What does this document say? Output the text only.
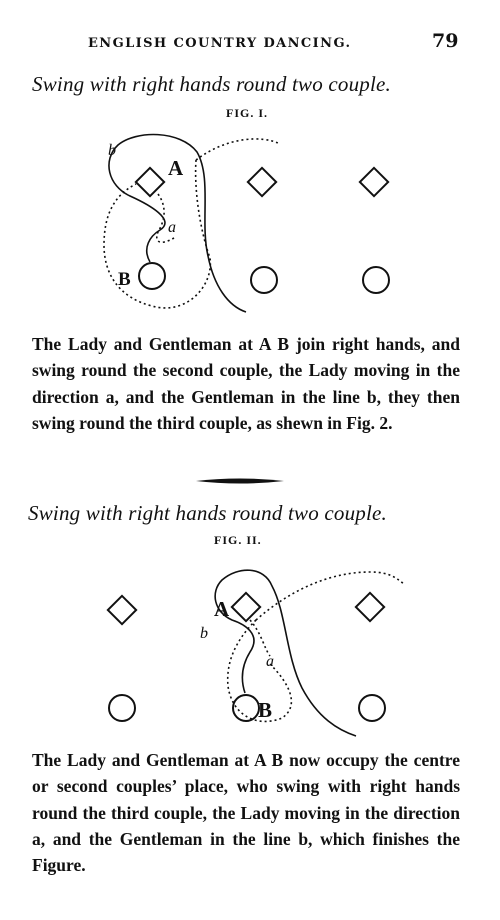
ENGLISH COUNTRY DANCING.	79
Swing with right hands round two couple.
FIG. I.
b
A
a
B
A
b
a
B
The Lady and Gentleman at A B join right hands, and swing round the second couple, the Lady moving in the direction a, and the Gentleman in the line b, they then swing round the third couple, as shewn in Fig. 2.
Swing with right hands round two couple.
FIG. II.
The Lady and Gentleman at A B now occupy the centre or second couples’ place, who swing with right hands round the third couple, the Lady moving in the direction a, and the Gentleman in the line b, which finishes the Figure.
